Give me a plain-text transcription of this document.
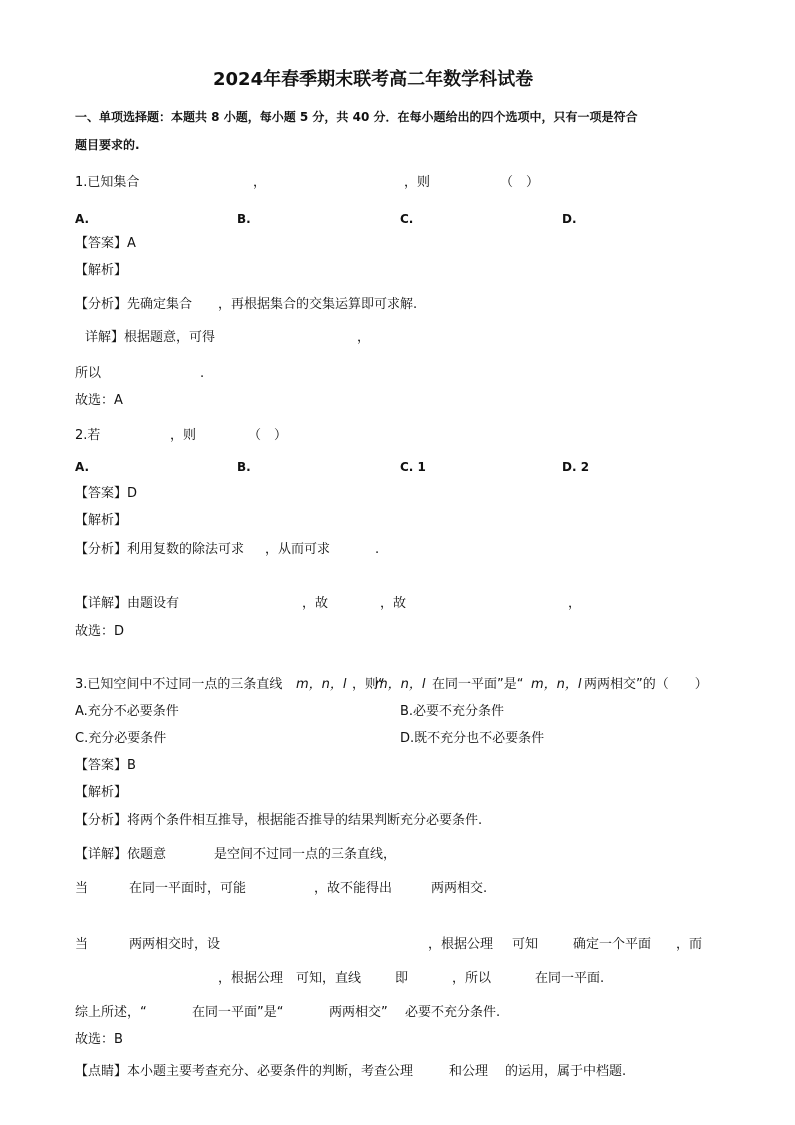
2024年春季期末联考高二年数学科试卷
一、单项选择题：本题共 8 小题，每小题 5 分，共 40 分．在每小题给出的四个选项中，只有一项是符合
题目要求的.
1.已知集合	，	，则	（　）
A.	B.	C.	D.
【答案】A
【解析】
【分析】先确定集合 ，再根据集合的交集运算即可求解.
详解】根据题意，可得	，
所以	.
故选：A
2.若	，则	（　）
A.	B.	C. 1	D. 2
【答案】D
【解析】
【分析】利用复数的除法可求 ，从而可求	.
【详解】由题设有	，故	，故	，
故选：D
3.已知空间中不过同一点的三条直线 m，n，l ，则“
m，n，l 在同一平面”是“ m，n，l 两两相交”的（　　）
A.充分不必要条件	B.必要不充分条件
C.充分必要条件	D.既不充分也不必要条件
【答案】B
【解析】
【分析】将两个条件相互推导，根据能否推导的结果判断充分必要条件.
【详解】依题意	是空间不过同一点的三条直线，
当	在同一平面时，可能	，故不能得出	两两相交.
当	两两相交时，设	，根据公理 可知	确定一个平面 ，而
，根据公理 可知，直线	即	，所以	在同一平面.
综上所述，“	在同一平面”是“	两两相交” 必要不充分条件.
故选：B
【点睛】本小题主要考查充分、必要条件的判断，考查公理	和公理 的运用，属于中档题.
